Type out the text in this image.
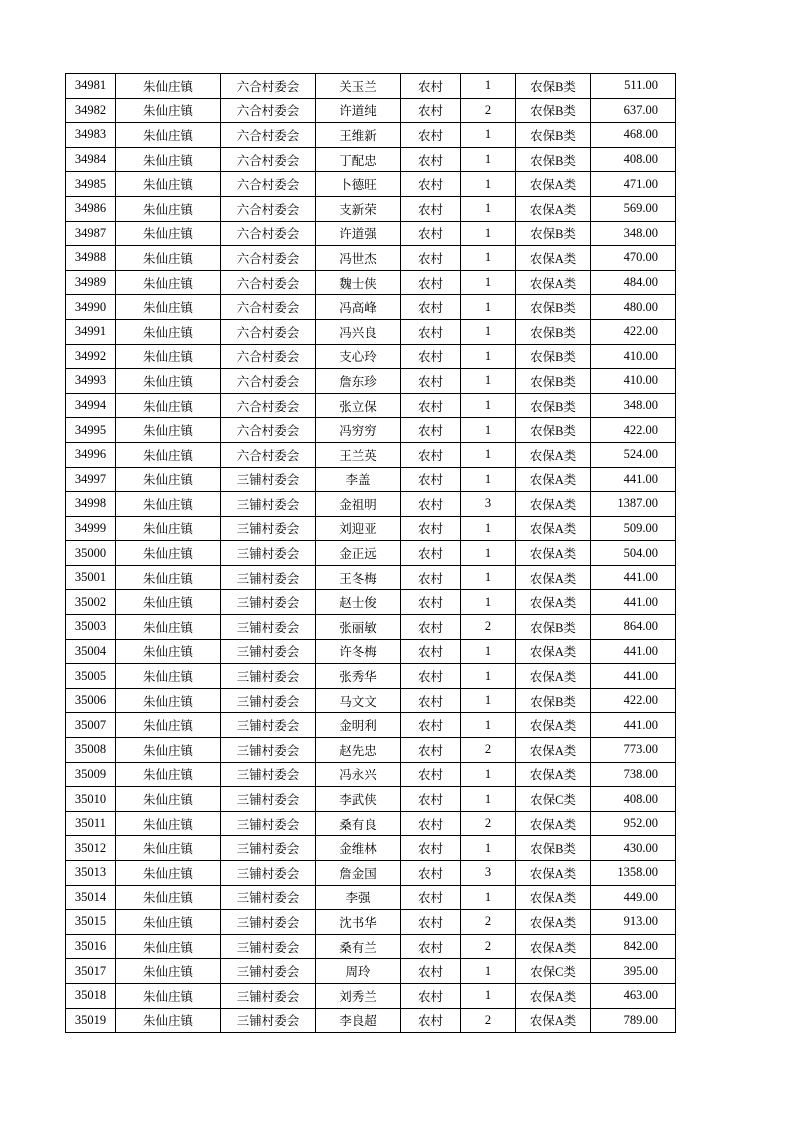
34981	朱仙庄镇	六合村委会	关玉兰	农村	1	农保B类	511.00
34982	朱仙庄镇	六合村委会	许道纯	农村	2	农保B类	637.00
34983	朱仙庄镇	六合村委会	王维新	农村	1	农保B类	468.00
34984	朱仙庄镇	六合村委会	丁配忠	农村	1	农保B类	408.00
34985	朱仙庄镇	六合村委会	卜德旺	农村	1	农保A类	471.00
34986	朱仙庄镇	六合村委会	支新荣	农村	1	农保A类	569.00
34987	朱仙庄镇	六合村委会	许道强	农村	1	农保B类	348.00
34988	朱仙庄镇	六合村委会	冯世杰	农村	1	农保A类	470.00
34989	朱仙庄镇	六合村委会	魏士侠	农村	1	农保A类	484.00
34990	朱仙庄镇	六合村委会	冯高峰	农村	1	农保B类	480.00
34991	朱仙庄镇	六合村委会	冯兴良	农村	1	农保B类	422.00
34992	朱仙庄镇	六合村委会	支心玲	农村	1	农保B类	410.00
34993	朱仙庄镇	六合村委会	詹东珍	农村	1	农保B类	410.00
34994	朱仙庄镇	六合村委会	张立保	农村	1	农保B类	348.00
34995	朱仙庄镇	六合村委会	冯穷穷	农村	1	农保B类	422.00
34996	朱仙庄镇	六合村委会	王兰英	农村	1	农保A类	524.00
34997	朱仙庄镇	三铺村委会	李盖	农村	1	农保A类	441.00
34998	朱仙庄镇	三铺村委会	金祖明	农村	3	农保A类	1387.00
34999	朱仙庄镇	三铺村委会	刘迎亚	农村	1	农保A类	509.00
35000	朱仙庄镇	三铺村委会	金正远	农村	1	农保A类	504.00
35001	朱仙庄镇	三铺村委会	王冬梅	农村	1	农保A类	441.00
35002	朱仙庄镇	三铺村委会	赵士俊	农村	1	农保A类	441.00
35003	朱仙庄镇	三铺村委会	张丽敏	农村	2	农保B类	864.00
35004	朱仙庄镇	三铺村委会	许冬梅	农村	1	农保A类	441.00
35005	朱仙庄镇	三铺村委会	张秀华	农村	1	农保A类	441.00
35006	朱仙庄镇	三铺村委会	马文文	农村	1	农保B类	422.00
35007	朱仙庄镇	三铺村委会	金明利	农村	1	农保A类	441.00
35008	朱仙庄镇	三铺村委会	赵先忠	农村	2	农保A类	773.00
35009	朱仙庄镇	三铺村委会	冯永兴	农村	1	农保A类	738.00
35010	朱仙庄镇	三铺村委会	李武侠	农村	1	农保C类	408.00
35011	朱仙庄镇	三铺村委会	桑有良	农村	2	农保A类	952.00
35012	朱仙庄镇	三铺村委会	金维林	农村	1	农保B类	430.00
35013	朱仙庄镇	三铺村委会	詹金国	农村	3	农保A类	1358.00
35014	朱仙庄镇	三铺村委会	李强	农村	1	农保A类	449.00
35015	朱仙庄镇	三铺村委会	沈书华	农村	2	农保A类	913.00
35016	朱仙庄镇	三铺村委会	桑有兰	农村	2	农保A类	842.00
35017	朱仙庄镇	三铺村委会	周玲	农村	1	农保C类	395.00
35018	朱仙庄镇	三铺村委会	刘秀兰	农村	1	农保A类	463.00
35019	朱仙庄镇	三铺村委会	李良超	农村	2	农保A类	789.00
